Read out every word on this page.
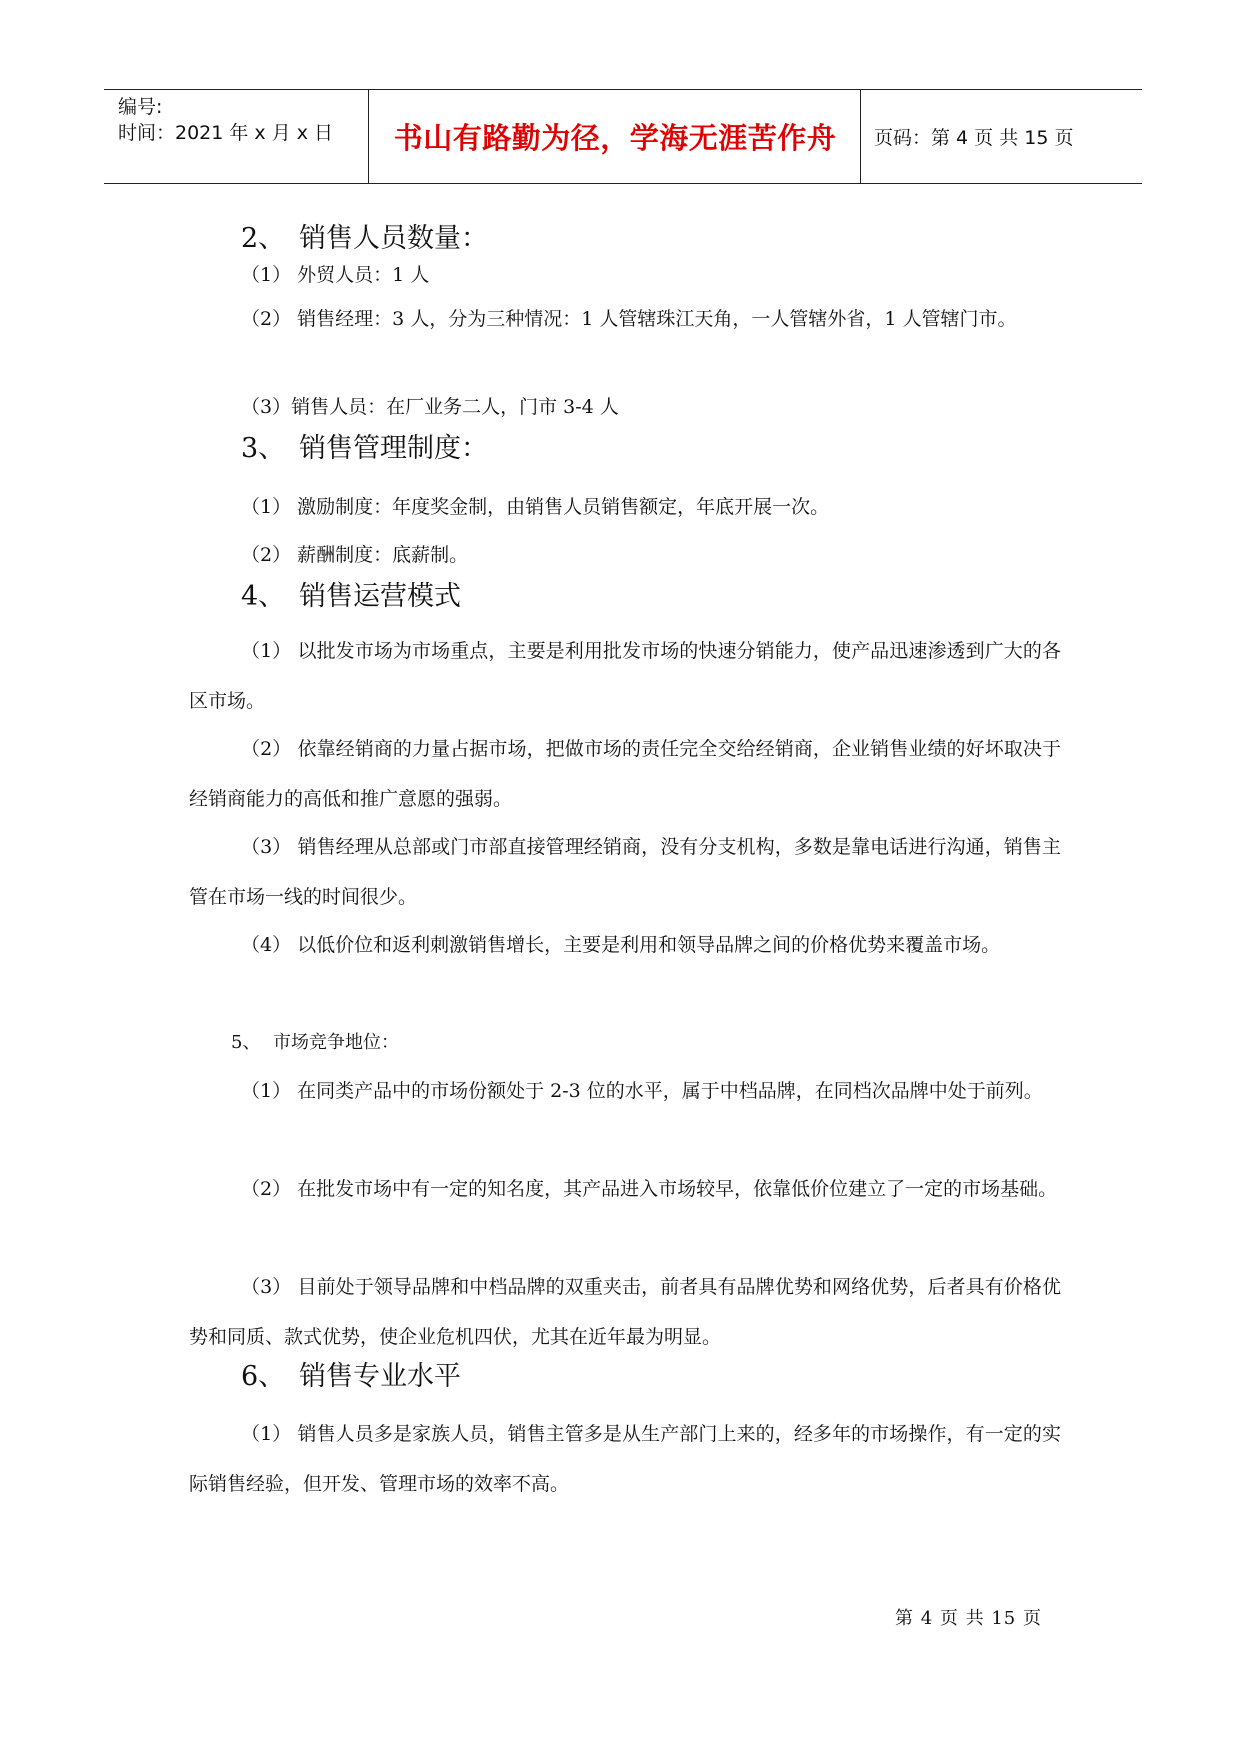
编号:
时间：2021 年 x 月 x 日	书山有路勤为径，学海无涯苦作舟	页码：第 4 页 共 15 页
2、 销售人员数量：
（1） 外贸人员：1 人
（2） 销售经理：3 人，分为三种情况：1 人管辖珠江天角，一人管辖外省，1 人管辖门市。
（3）销售人员：在厂业务二人，门市 3-4 人
3、 销售管理制度：
（1） 激励制度：年度奖金制，由销售人员销售额定，年底开展一次。
（2） 薪酬制度：底薪制。
4、 销售运营模式
（1） 以批发市场为市场重点，主要是利用批发市场的快速分销能力，使产品迅速渗透到广大的各区市场。
（2） 依靠经销商的力量占据市场，把做市场的责任完全交给经销商，企业销售业绩的好坏取决于经销商能力的高低和推广意愿的强弱。
（3） 销售经理从总部或门市部直接管理经销商，没有分支机构，多数是靠电话进行沟通，销售主管在市场一线的时间很少。
（4） 以低价位和返利刺激销售增长，主要是利用和领导品牌之间的价格优势来覆盖市场。
5、 市场竞争地位：
（1） 在同类产品中的市场份额处于 2-3 位的水平，属于中档品牌，在同档次品牌中处于前列。
（2） 在批发市场中有一定的知名度，其产品进入市场较早，依靠低价位建立了一定的市场基础。
（3） 目前处于领导品牌和中档品牌的双重夹击，前者具有品牌优势和网络优势，后者具有价格优势和同质、款式优势，使企业危机四伏，尤其在近年最为明显。
6、 销售专业水平
（1） 销售人员多是家族人员，销售主管多是从生产部门上来的，经多年的市场操作，有一定的实际销售经验，但开发、管理市场的效率不高。
第 4 页 共 15 页
